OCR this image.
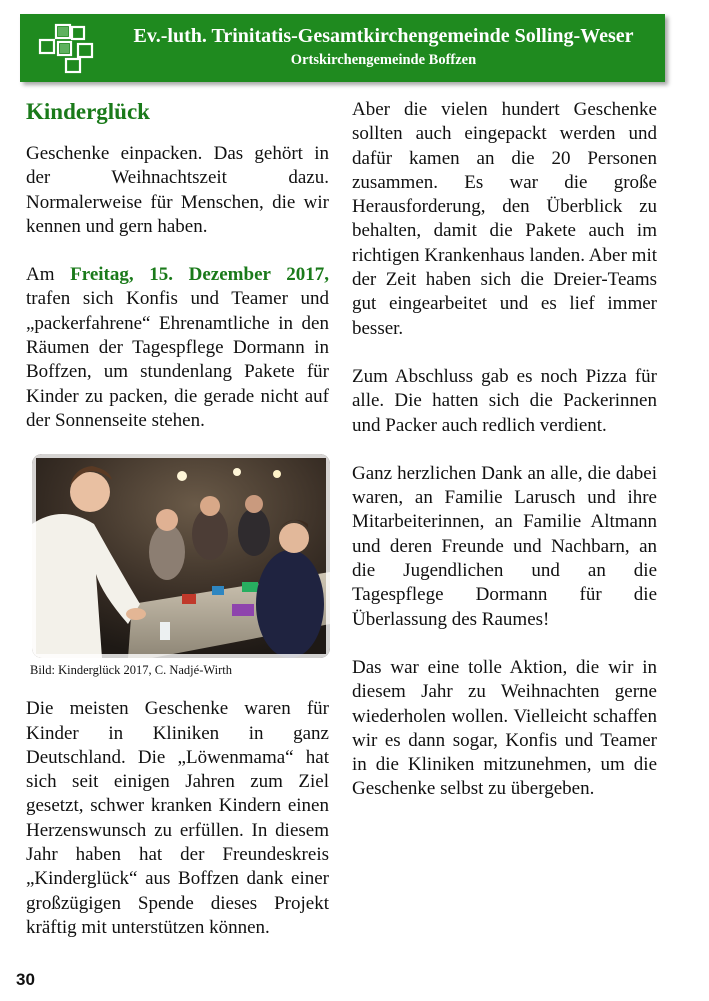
Ev.-luth. Trinitatis-Gesamtkirchengemeinde Solling-Weser
Ortskirchengemeinde Boffzen
Kinderglück

Geschenke einpacken. Das gehört in der Weihnachtszeit dazu. Normalerweise für Menschen, die wir kennen und gern haben.

Am Freitag, 15. Dezember 2017, trafen sich Konfis und Teamer und „packerfahrene“ Ehrenamtliche in den Räumen der Tagespflege Dormann in Boffzen, um stundenlang Pakete für Kinder zu packen, die gerade nicht auf der Sonnenseite stehen.

Bild: Kinderglück 2017, C. Nadjé-Wirth

Die meisten Geschenke waren für Kinder in Kliniken in ganz Deutschland. Die „Löwenmama“ hat sich seit einigen Jahren zum Ziel gesetzt, schwer kranken Kindern einen Herzenswunsch zu erfüllen. In diesem Jahr haben hat der Freundeskreis „Kinderglück“ aus Boffzen dank einer großzügigen Spende dieses Projekt kräftig mit unterstützen können.

Aber die vielen hundert Geschenke sollten auch eingepackt werden und dafür kamen an die 20 Personen zusammen. Es war die große Herausforderung, den Überblick zu behalten, damit die Pakete auch im richtigen Krankenhaus landen. Aber mit der Zeit haben sich die Dreier-Teams gut eingearbeitet und es lief immer besser.

Zum Abschluss gab es noch Pizza für alle. Die hatten sich die Packerinnen und Packer auch redlich verdient.

Ganz herzlichen Dank an alle, die dabei waren, an Familie Larusch und ihre Mitarbeiterinnen, an Familie Altmann und deren Freunde und Nachbarn, an die Jugendlichen und an die Tagespflege Dormann für die Überlassung des Raumes!

Das war eine tolle Aktion, die wir in diesem Jahr zu Weihnachten gerne wiederholen wollen. Vielleicht schaffen wir es dann sogar, Konfis und Teamer in die Kliniken mitzunehmen, um die Geschenke selbst zu übergeben.

30
